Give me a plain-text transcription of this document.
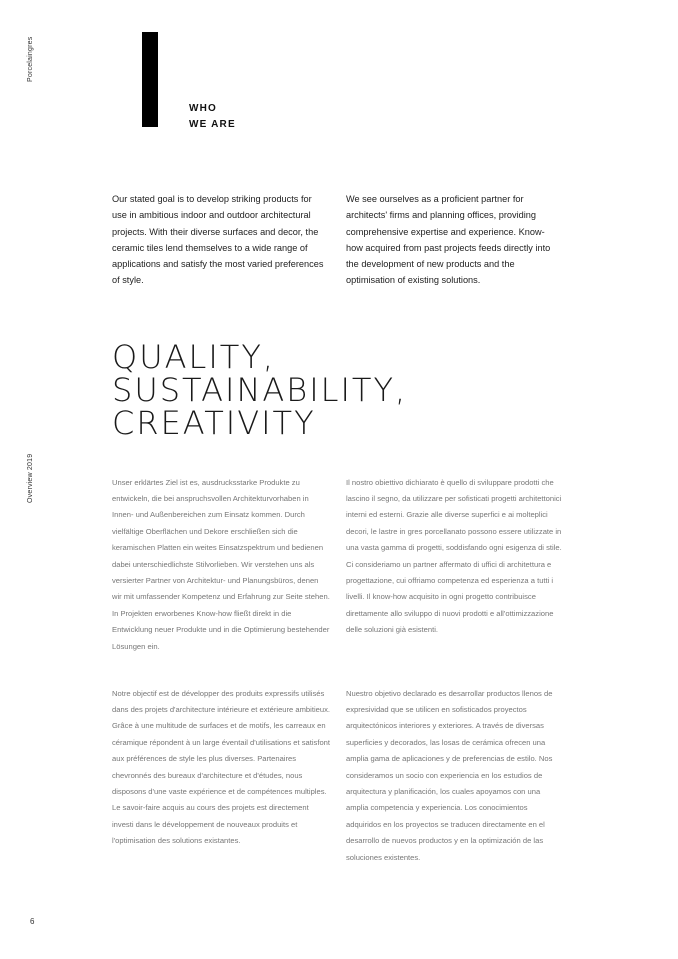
Porcelaingres
Overview 2019
WHO
WE ARE

Our stated goal is to develop striking products for use in ambitious indoor and outdoor architectural projects. With their diverse surfaces and decor, the ceramic tiles lend themselves to a wide range of applications and satisfy the most varied preferences of style.

We see ourselves as a proficient partner for architects' firms and planning offices, providing comprehensive expertise and experience. Know-how acquired from past projects feeds directly into the development of new products and the optimisation of existing solutions.

QUALITY,
SUSTAINABILITY,
CREATIVITY

Unser erklärtes Ziel ist es, ausdrucksstarke Produkte zu entwickeln, die bei anspruchsvollen Architekturvorhaben in Innen- und Außenbereichen zum Einsatz kommen. Durch vielfältige Oberflächen und Dekore erschließen sich die keramischen Platten ein weites Einsatzspektrum und bedienen dabei unterschiedlichste Stilvorlieben. Wir verstehen uns als versierter Partner von Architektur- und Planungsbüros, denen wir mit umfassender Kompetenz und Erfahrung zur Seite stehen. In Projekten erworbenes Know-how fließt direkt in die Entwicklung neuer Produkte und in die Optimierung bestehender Lösungen ein.

Il nostro obiettivo dichiarato è quello di sviluppare prodotti che lascino il segno, da utilizzare per sofisticati progetti architettonici interni ed esterni. Grazie alle diverse superfici e ai molteplici decori, le lastre in gres porcellanato possono essere utilizzate in una vasta gamma di progetti, soddisfando ogni esigenza di stile. Ci consideriamo un partner affermato di uffici di architettura e progettazione, cui offriamo competenza ed esperienza a tutti i livelli. Il know-how acquisito in ogni progetto contribuisce direttamente allo sviluppo di nuovi prodotti e all'ottimizzazione delle soluzioni già esistenti.

Notre objectif est de développer des produits expressifs utilisés dans des projets d'architecture intérieure et extérieure ambitieux. Grâce à une multitude de surfaces et de motifs, les carreaux en céramique répondent à un large éventail d'utilisations et satisfont aux préférences de style les plus diverses. Partenaires chevronnés des bureaux d'architecture et d'études, nous disposons d'une vaste expérience et de compétences multiples. Le savoir-faire acquis au cours des projets est directement investi dans le développement de nouveaux produits et l'optimisation des solutions existantes.

Nuestro objetivo declarado es desarrollar productos llenos de expresividad que se utilicen en sofisticados proyectos arquitectónicos interiores y exteriores. A través de diversas superficies y decorados, las losas de cerámica ofrecen una amplia gama de aplicaciones y de preferencias de estilo. Nos consideramos un socio con experiencia en los estudios de arquitectura y planificación, los cuales apoyamos con una amplia competencia y experiencia. Los conocimientos adquiridos en los proyectos se traducen directamente en el desarrollo de nuevos productos y en la optimización de las soluciones existentes.

6
